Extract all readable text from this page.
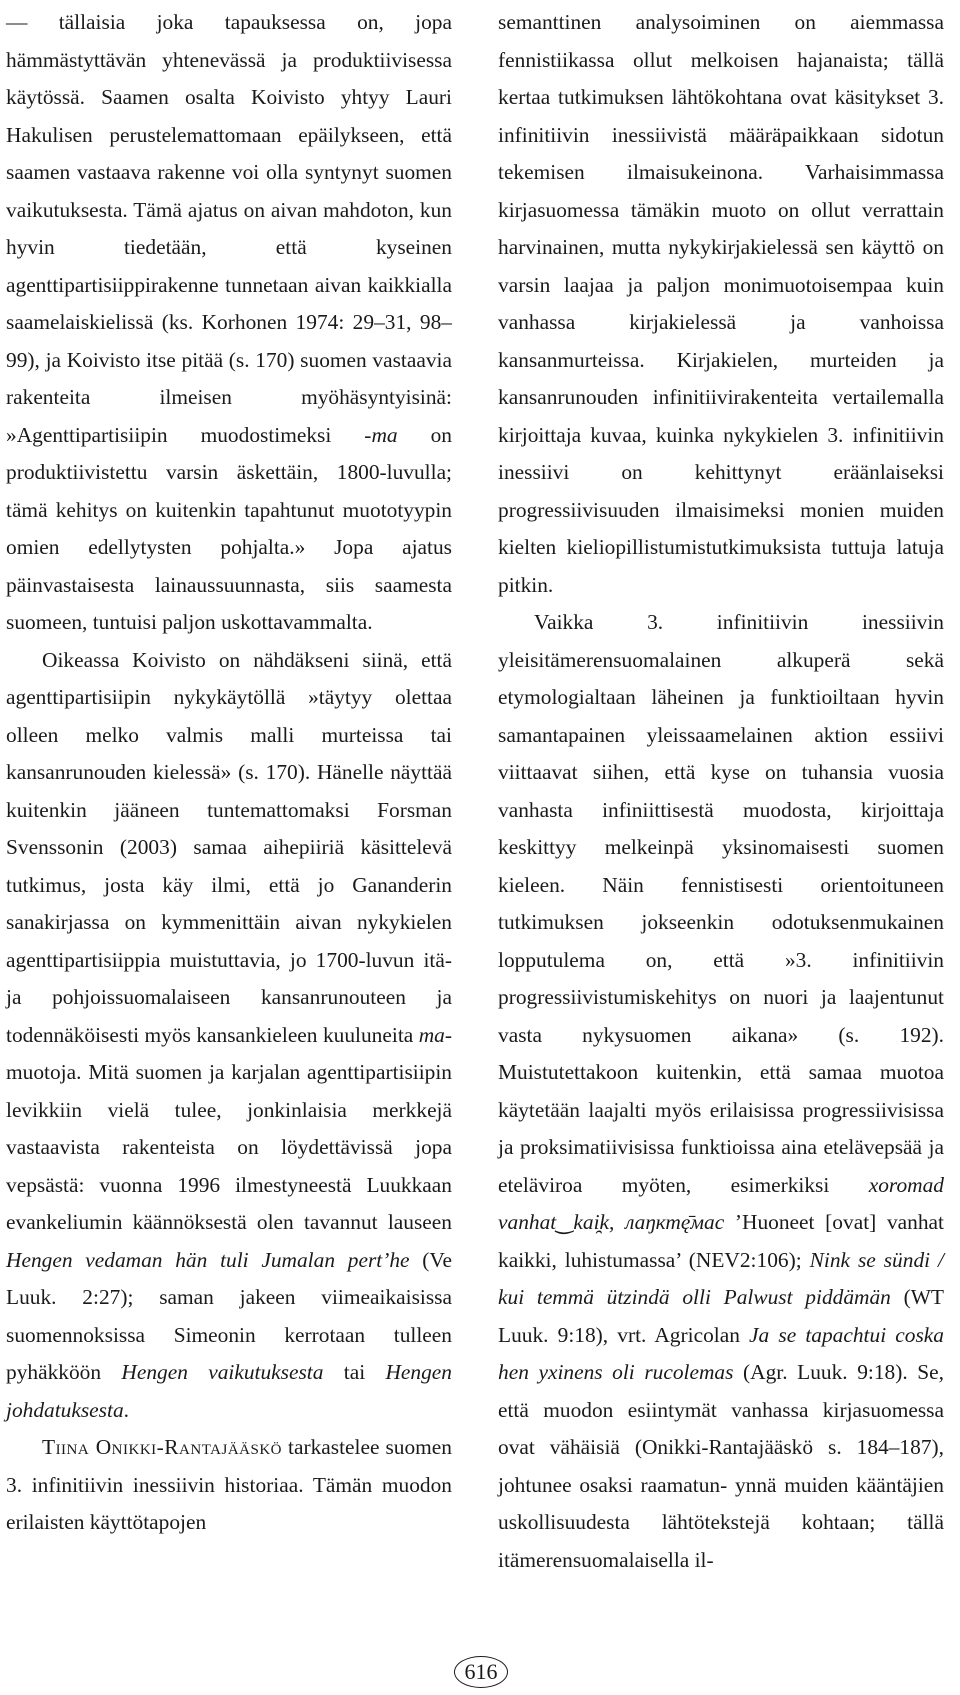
— tällaisia joka tapauksessa on, jopa hämmästyttävän yhtenevässä ja produktiivisessa käytössä. Saamen osalta Koivisto yhtyy Lauri Hakulisen perustelemattomaan epäilykseen, että saamen vastaava rakenne voi olla syntynyt suomen vaikutuksesta. Tämä ajatus on aivan mahdoton, kun hyvin tiedetään, että kyseinen agenttipartisiippirakenne tunnetaan aivan kaikkialla saamelaiskielissä (ks. Korhonen 1974: 29–31, 98–99), ja Koivisto itse pitää (s. 170) suomen vastaavia rakenteita ilmeisen myöhäsyntyisinä: »Agenttipartisiipin muodostimeksi -ma on produktiivistettu varsin äskettäin, 1800-luvulla; tämä kehitys on kuitenkin tapahtunut muototyypin omien edellytysten pohjalta.» Jopa ajatus päinvastaisesta lainaussuunnasta, siis saamesta suomeen, tuntuisi paljon uskottavammalta.

Oikeassa Koivisto on nähdäkseni siinä, että agenttipartisiipin nykykäytöllä »täytyy olettaa olleen melko valmis malli murteissa tai kansanrunouden kielessä» (s. 170). Hänelle näyttää kuitenkin jääneen tuntemattomaksi Forsman Svenssonin (2003) samaa aihepiiriä käsittelevä tutkimus, josta käy ilmi, että jo Gananderin sanakirjassa on kymmenittäin aivan nykykielen agenttipartisiippia muistuttavia, jo 1700-luvun itä- ja pohjoissuomalaiseen kansanrunouteen ja todennäköisesti myös kansankieleen kuuluneita ma-muotoja. Mitä suomen ja karjalan agenttipartisiipin levikkiin vielä tulee, jonkinlaisia merkkejä vastaavista rakenteista on löydettävissä jopa vepsästä: vuonna 1996 ilmestyneestä Luukkaan evankeliumin käännöksestä olen tavannut lauseen Hengen vedaman hän tuli Jumalan pert’he (Ve Luuk. 2:27); saman jakeen viimeaikaisissa suomennoksissa Simeonin kerrotaan tulleen pyhäkköön Hengen vaikutuksesta tai Hengen johdatuksesta.

Tiina Onikki-Rantajääskö tarkastelee suomen 3. infinitiivin inessiivin historiaa. Tämän muodon erilaisten käyttötapojen

semanttinen analysoiminen on aiemmassa fennistiikassa ollut melkoisen hajanaista; tällä kertaa tutkimuksen lähtökohtana ovat käsitykset 3. infinitiivin inessiivistä määräpaikkaan sidotun tekemisen ilmaisukeinona. Varhaisimmassa kirjasuomessa tämäkin muoto on ollut verrattain harvinainen, mutta nykykirjakielessä sen käyttö on varsin laajaa ja paljon monimuotoisempaa kuin vanhassa kirjakielessä ja vanhoissa kansanmurteissa. Kirjakielen, murteiden ja kansanrunouden infinitiivirakenteita vertailemalla kirjoittaja kuvaa, kuinka nykykielen 3. infinitiivin inessiivi on kehittynyt eräänlaiseksi progressiivisuuden ilmaisimeksi monien muiden kielten kieliopillistumistutkimuksista tuttuja latuja pitkin.

Vaikka 3. infinitiivin inessiivin yleisitämerensuomalainen alkuperä sekä etymologialtaan läheinen ja funktioiltaan hyvin samantapainen yleissaamelainen aktion essiivi viittaavat siihen, että kyse on tuhansia vuosia vanhasta infiniittisestä muodosta, kirjoittaja keskittyy melkeinpä yksinomaisesti suomen kieleen. Näin fennistisesti orientoituneen tutkimuksen jokseenkin odotuksenmukainen lopputulema on, että »3. infinitiivin progressiivistumiskehitys on nuori ja laajentunut vasta nykysuomen aikana» (s. 192). Muistutettakoon kuitenkin, että samaa muotoa käytetään laajalti myös erilaisissa progressiivisissa ja proksimatiivisissa funktioissa aina etelävepsää ja eteläviroa myöten, esimerkiksi xoromad vanhat‿kai̯k, лаŋктę̄мас ’Huoneet [ovat] vanhat kaikki, luhistumassa’ (NEV2:106); Nink se sündi / kui temmä ützindä olli Palwust piddämän (WT Luuk. 9:18), vrt. Agricolan Ja se tapachtui coska hen yxinens oli rucolemas (Agr. Luuk. 9:18). Se, että muodon esiintymät vanhassa kirjasuomessa ovat vähäisiä (Onikki-Rantajääskö s. 184–187), johtunee osaksi raamatun- ynnä muiden kääntäjien uskollisuudesta lähtötekstejä kohtaan; tällä itämerensuomalaisella il-

616
